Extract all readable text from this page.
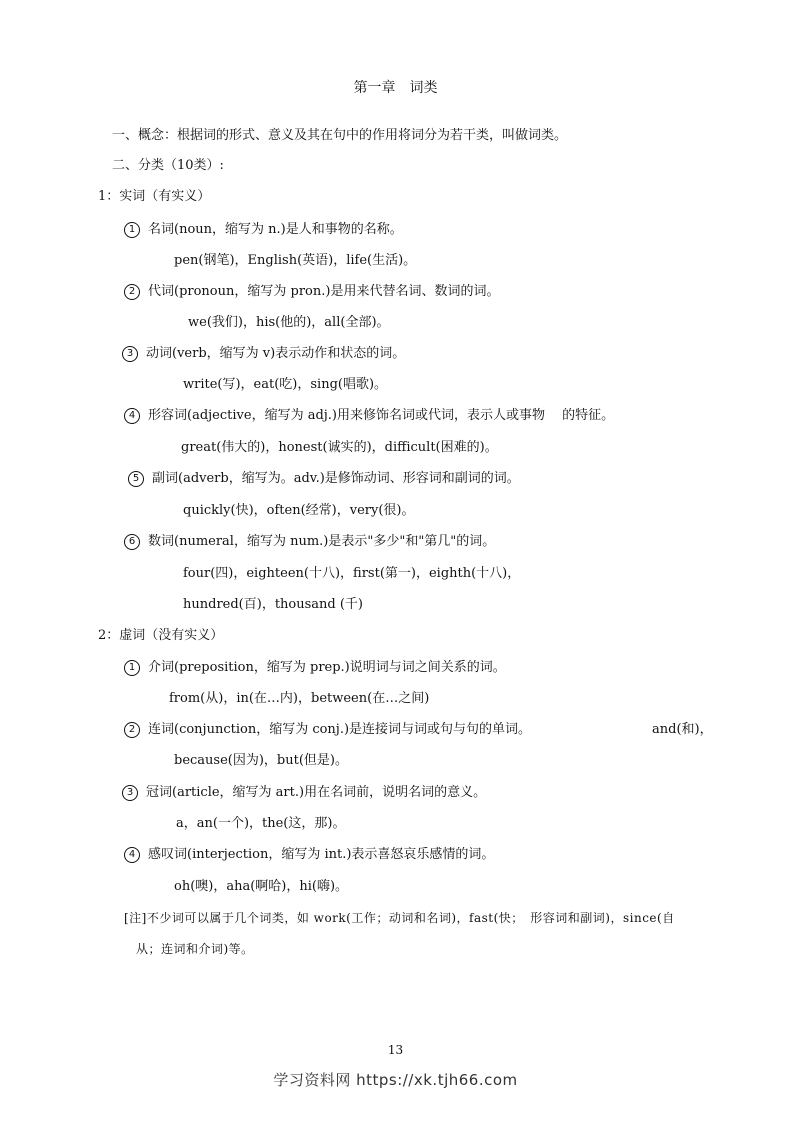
第一章　词类
一、概念：根据词的形式、意义及其在句中的作用将词分为若干类，叫做词类。
二、分类（10类）:
1：实词（有实义）
1 名词(noun，缩写为 n.)是人和事物的名称。
pen(钢笔)，English(英语)，life(生活)。
2 代词(pronoun，缩写为 pron.)是用来代替名词、数词的词。
we(我们)，his(他的)，all(全部)。
3 动词(verb，缩写为 v)表示动作和状态的词。
write(写)，eat(吃)，sing(唱歌)。
4 形容词(adjective，缩写为 adj.)用来修饰名词或代词，表示人或事物　 的特征。
great(伟大的)，honest(诚实的)，difficult(困难的)。
5 副词(adverb，缩写为。adv.)是修饰动词、形容词和副词的词。
quickly(快)，often(经常)，very(很)。
6 数词(numeral，缩写为 num.)是表示"多少"和"第几"的词。
four(四)，eighteen(十八)，first(第一)，eighth(十八)，
hundred(百)，thousand (千)
2：虚词（没有实义）
1 介词(preposition，缩写为 prep.)说明词与词之间关系的词。
from(从)，in(在…内)，between(在…之间)
2 连词(conjunction，缩写为 conj.)是连接词与词或句与句的单词。	and(和)，
because(因为)，but(但是)。
3 冠词(article，缩写为 art.)用在名词前，说明名词的意义。
a，an(一个)，the(这，那)。
4 感叹词(interjection，缩写为 int.)表示喜怒哀乐感情的词。
oh(噢)，aha(啊哈)，hi(嗨)。
[注]不少词可以属于几个词类，如 work(工作；动词和名词)，fast(快；　形容词和副词)，since(自
从；连词和介词)等。
13
学习资料网 https://xk.tjh66.com
